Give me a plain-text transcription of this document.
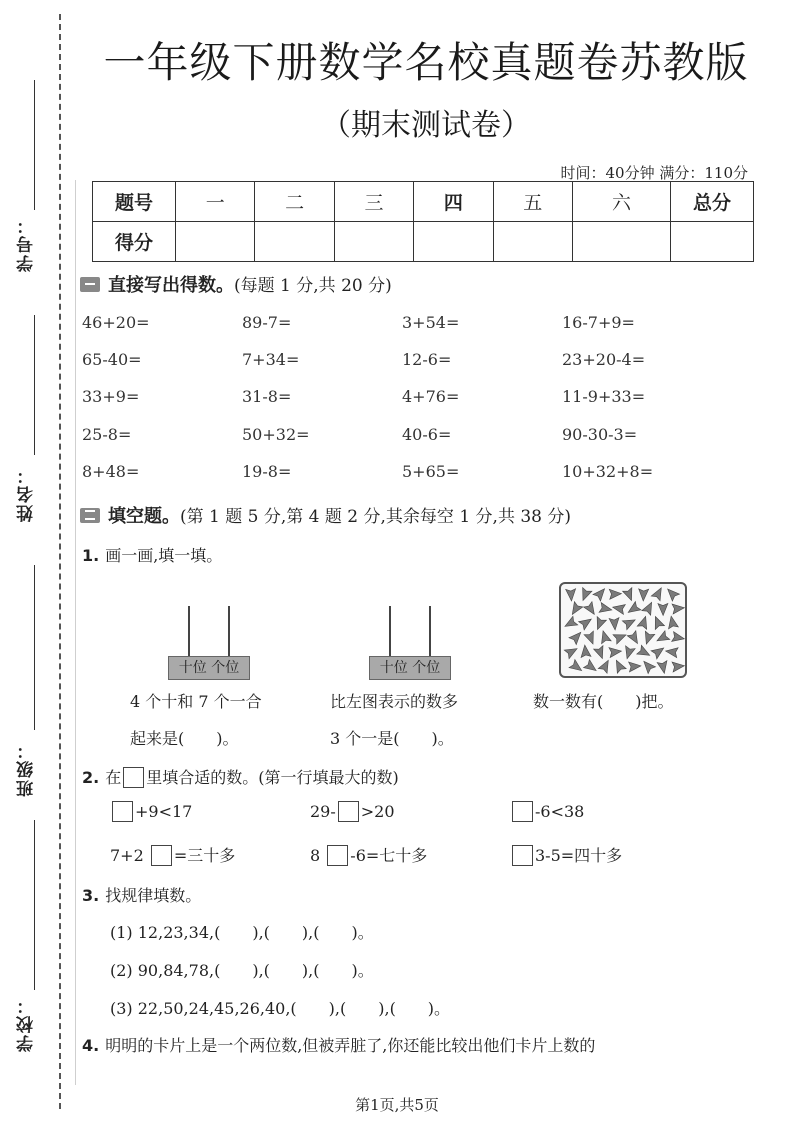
学号：
姓名：
班级：
学校：
一年级下册数学名校真题卷苏教版
（期末测试卷）
时间：40分钟 满分：110分
题号	一	二	三	四	五	六	总分
得分							
直接写出得数。(每题 1 分,共 20 分)
46+20=	89-7=	3+54=	16-7+9=
65-40=	7+34=	12-6=	23+20-4=
33+9=	31-8=	4+76=	11-9+33=
25-8=	50+32=	40-6=	90-30-3=
8+48=	19-8=	5+65=	10+32+8=
填空题。(第 1 题 5 分,第 4 题 2 分,其余每空 1 分,共 38 分)
1. 画一画,填一填。
十位 个位	十位 个位
4 个十和 7 个一合
起来是(　　)。
比左图表示的数多
3 个一是(　　)。
数一数有(　　)把。
2. 在 里填合适的数。(第一行填最大的数)
+9<17	29- >20	-6<38
7+2 =三十多	8 -6=七十多	3-5=四十多
3. 找规律填数。
(1) 12,23,34,(　　),(　　),(　　)。
(2) 90,84,78,(　　),(　　),(　　)。
(3) 22,50,24,45,26,40,(　　),(　　),(　　)。
4. 明明的卡片上是一个两位数,但被弄脏了,你还能比较出他们卡片上数的
第1页,共5页
